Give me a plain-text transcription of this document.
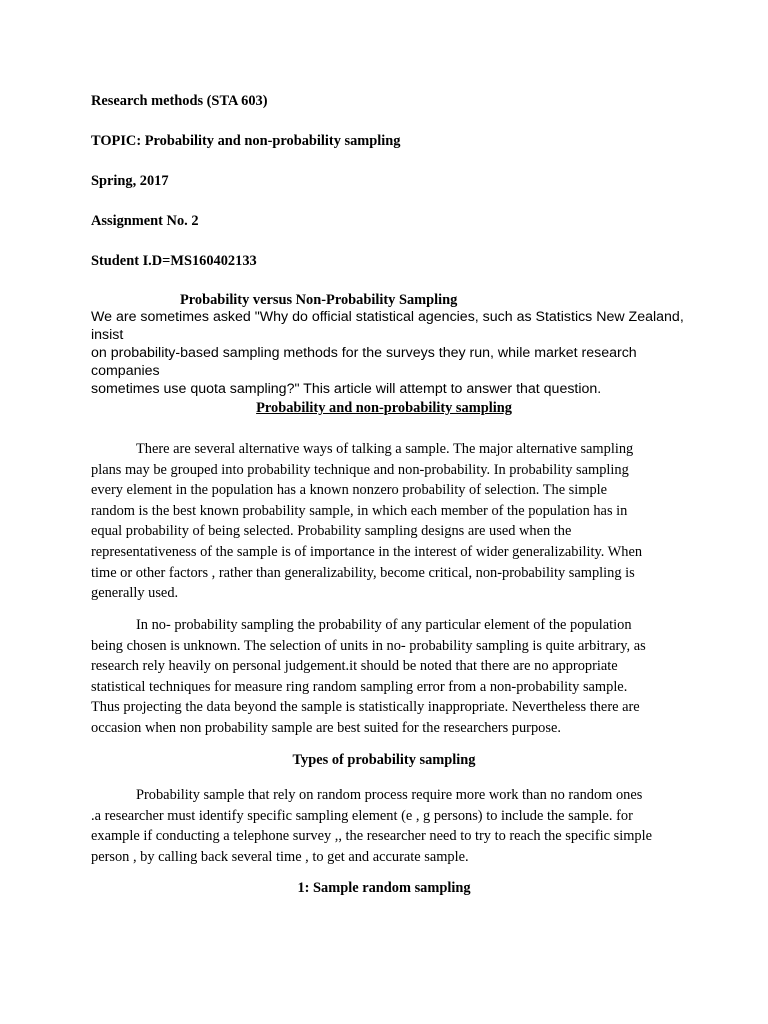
Research methods (STA 603)

TOPIC: Probability and non-probability sampling

Spring, 2017

Assignment No. 2

Student I.D=MS160402133

Probability versus Non-Probability Sampling

We are sometimes asked "Why do official statistical agencies, such as Statistics New Zealand,
insist
on probability-based sampling methods for the surveys they run, while market research
companies
sometimes use quota sampling?" This article will attempt to answer that question.

Probability and non-probability sampling

There are several alternative ways of talking a sample. The major alternative sampling
plans may be grouped into probability technique and non-probability. In probability sampling
every element in the population has a known nonzero probability of selection. The simple
random is the best known probability sample, in which each member of the population has in
equal probability of being selected. Probability sampling designs are used when the
representativeness of the sample is of importance in the interest of wider generalizability. When
time or other factors , rather than generalizability, become critical, non-probability sampling is
generally used.
In no- probability sampling the probability of any particular element of the population
being chosen is unknown. The selection of units in no- probability sampling is quite arbitrary, as
research rely heavily on personal judgement.it should be noted that there are no appropriate
statistical techniques for measure ring random sampling error from a non-probability sample.
Thus projecting the data beyond the sample is statistically inappropriate. Nevertheless there are
occasion when non probability sample are best suited for the researchers purpose.

Types of probability sampling

Probability sample that rely on random process require more work than no random ones
.a researcher must identify specific sampling element (e , g persons) to include the sample. for
example if conducting a telephone survey ,, the researcher need to try to reach the specific simple
person , by calling back several time , to get and accurate sample.

1: Sample random sampling
